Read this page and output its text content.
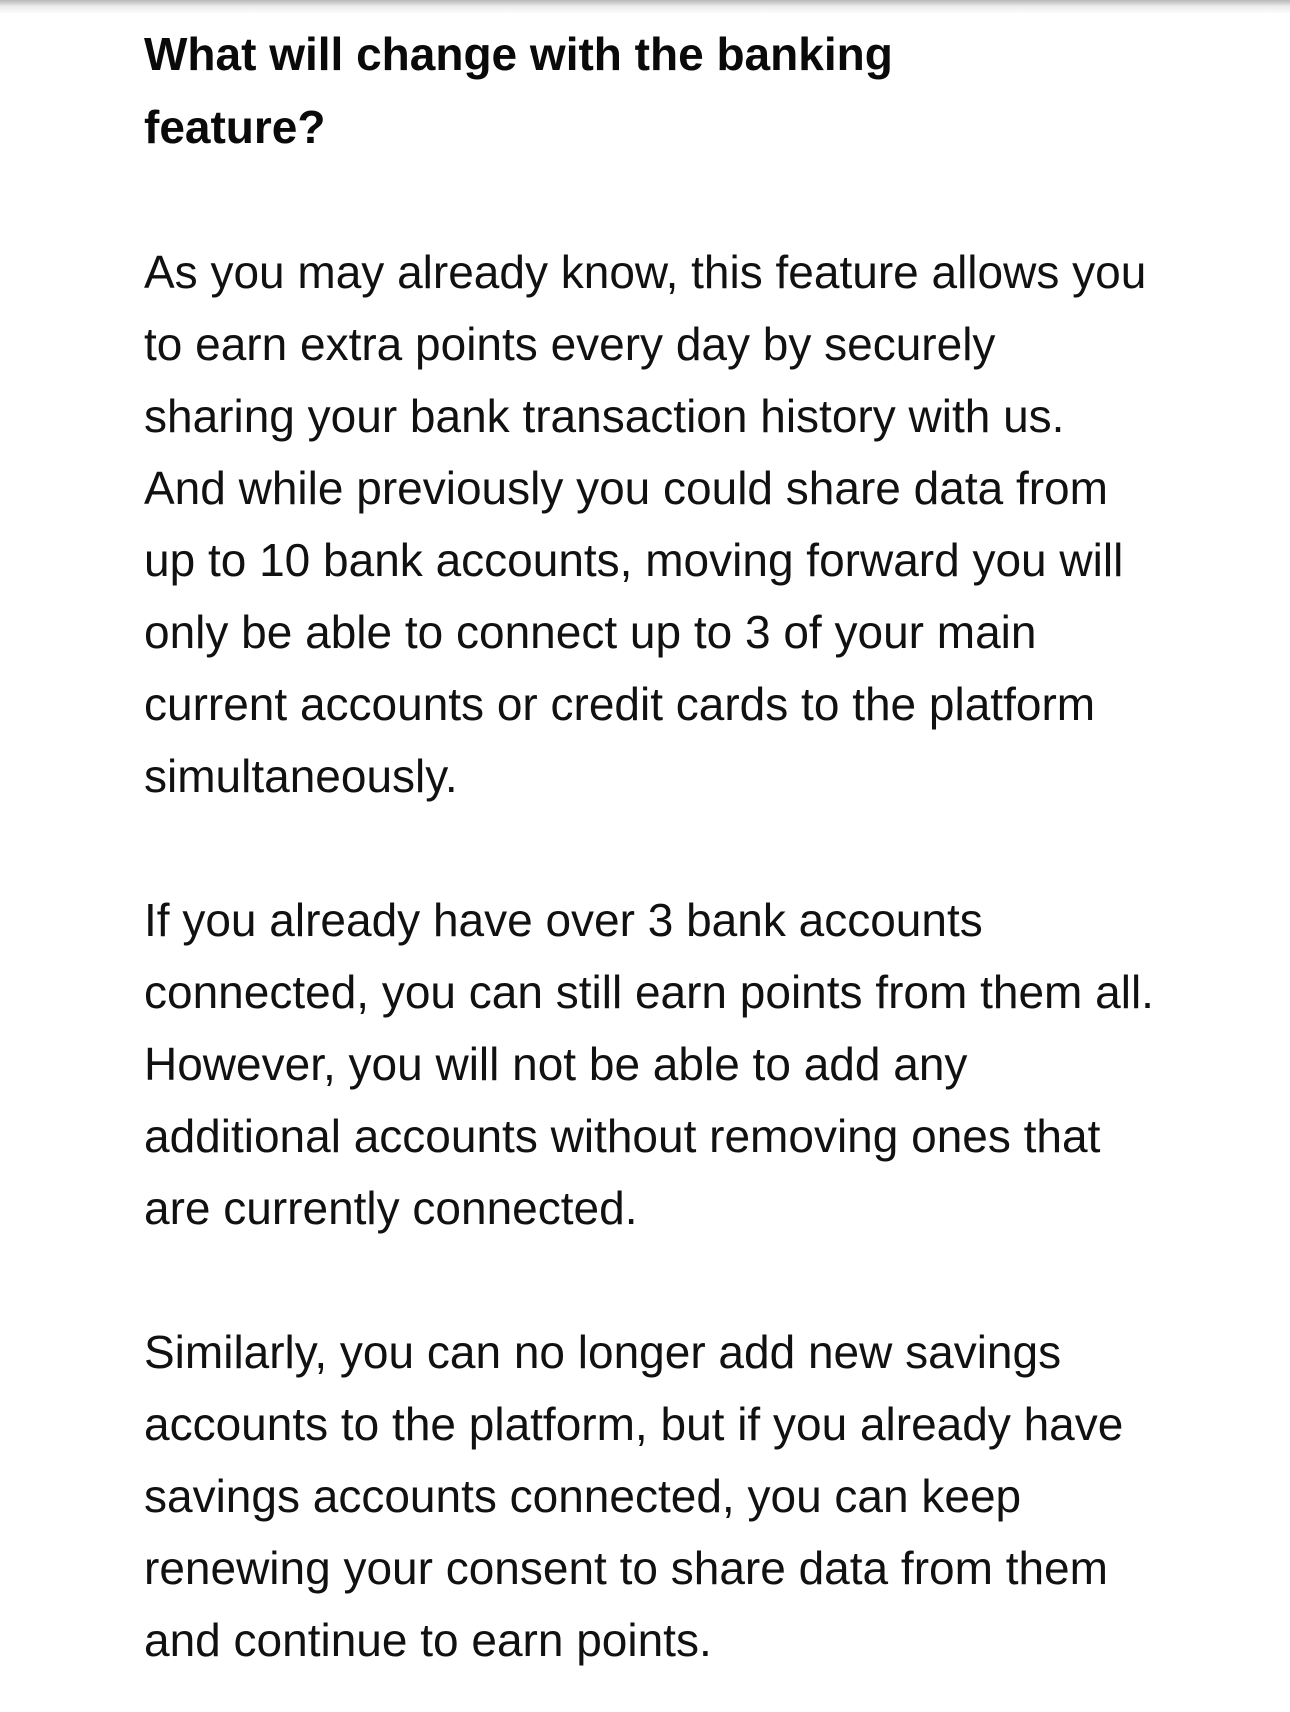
What will change with the banking feature?

As you may already know, this feature allows you to earn extra points every day by securely sharing your bank transaction history with us. And while previously you could share data from up to 10 bank accounts, moving forward you will only be able to connect up to 3 of your main current accounts or credit cards to the platform simultaneously.

If you already have over 3 bank accounts connected, you can still earn points from them all. However, you will not be able to add any additional accounts without removing ones that are currently connected.

Similarly, you can no longer add new savings accounts to the platform, but if you already have savings accounts connected, you can keep renewing your consent to share data from them and continue to earn points.
